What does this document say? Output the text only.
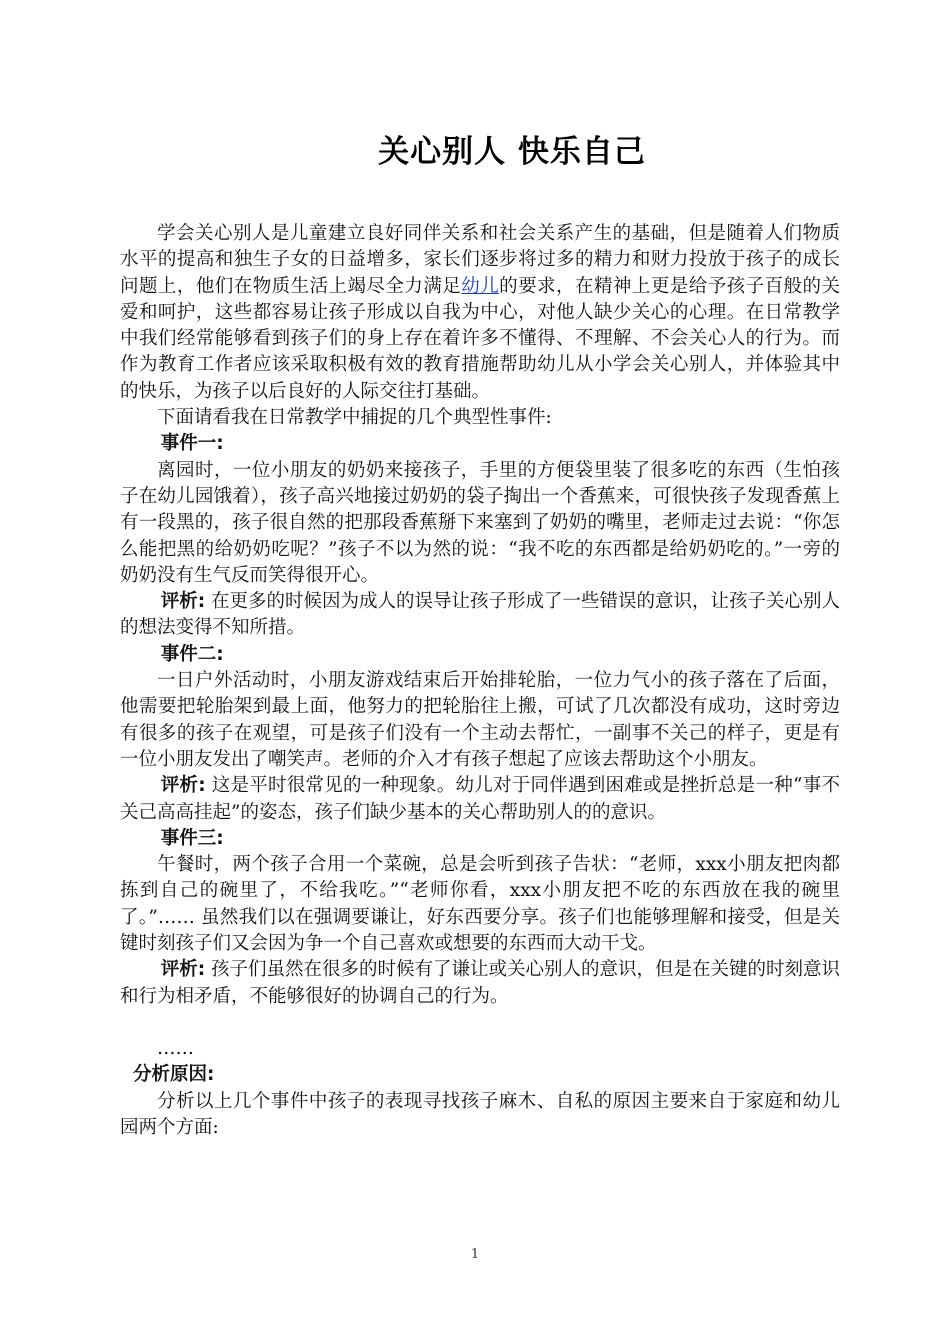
关心别人 快乐自己

学会关心别人是儿童建立良好同伴关系和社会关系产生的基础，但是随着人们物质水平的提高和独生子女的日益增多，家长们逐步将过多的精力和财力投放于孩子的成长问题上，他们在物质生活上竭尽全力满足幼儿的要求，在精神上更是给予孩子百般的关爱和呵护，这些都容易让孩子形成以自我为中心，对他人缺少关心的心理。在日常教学中我们经常能够看到孩子们的身上存在着许多不懂得、不理解、不会关心人的行为。而作为教育工作者应该采取积极有效的教育措施帮助幼儿从小学会关心别人，并体验其中的快乐，为孩子以后良好的人际交往打基础。

下面请看我在日常教学中捕捉的几个典型性事件:

事件一:

离园时，一位小朋友的奶奶来接孩子，手里的方便袋里装了很多吃的东西（生怕孩子在幼儿园饿着），孩子高兴地接过奶奶的袋子掏出一个香蕉来，可很快孩子发现香蕉上有一段黑的，孩子很自然的把那段香蕉掰下来塞到了奶奶的嘴里，老师走过去说：“你怎么能把黑的给奶奶吃呢？”孩子不以为然的说：“我不吃的东西都是给奶奶吃的。”一旁的奶奶没有生气反而笑得很开心。

评析: 在更多的时候因为成人的误导让孩子形成了一些错误的意识，让孩子关心别人的想法变得不知所措。

事件二:

一日户外活动时，小朋友游戏结束后开始排轮胎，一位力气小的孩子落在了后面，他需要把轮胎架到最上面，他努力的把轮胎往上搬，可试了几次都没有成功，这时旁边有很多的孩子在观望，可是孩子们没有一个主动去帮忙，一副事不关己的样子，更是有一位小朋友发出了嘲笑声。老师的介入才有孩子想起了应该去帮助这个小朋友。

评析: 这是平时很常见的一种现象。幼儿对于同伴遇到困难或是挫折总是一种“事不关己高高挂起”的姿态，孩子们缺少基本的关心帮助别人的的意识。

事件三:

午餐时，两个孩子合用一个菜碗，总是会听到孩子告状：“老师，xxx小朋友把肉都拣到自己的碗里了，不给我吃。”“老师你看，xxx小朋友把不吃的东西放在我的碗里了。”…… 虽然我们以在强调要谦让，好东西要分享。孩子们也能够理解和接受，但是关键时刻孩子们又会因为争一个自己喜欢或想要的东西而大动干戈。

评析: 孩子们虽然在很多的时候有了谦让或关心别人的意识，但是在关键的时刻意识和行为相矛盾，不能够很好的协调自己的行为。

……

分析原因:

分析以上几个事件中孩子的表现寻找孩子麻木、自私的原因主要来自于家庭和幼儿园两个方面:

1
